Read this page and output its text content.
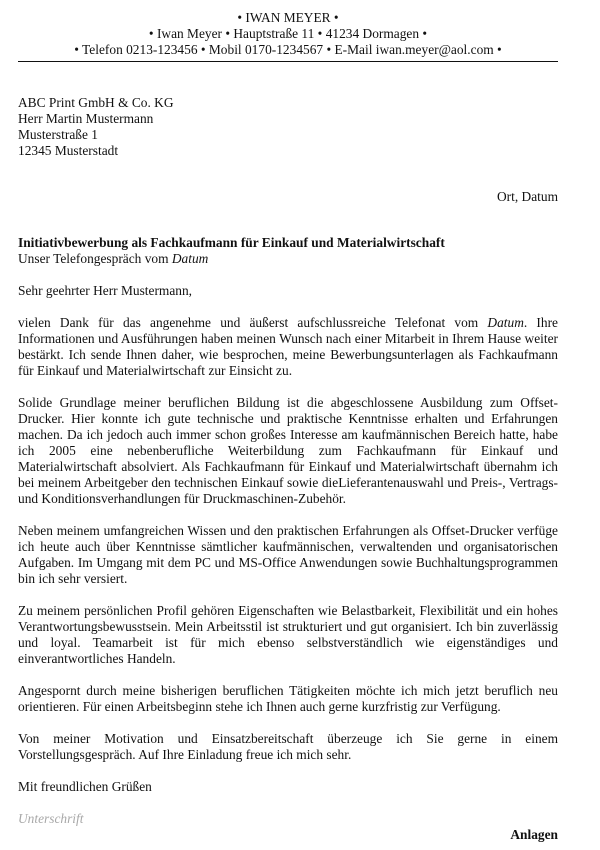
• IWAN MEYER •
• Iwan Meyer • Hauptstraße 11 • 41234 Dormagen •
• Telefon 0213-123456 • Mobil 0170-1234567 • E-Mail iwan.meyer@aol.com •
ABC Print GmbH & Co. KG
Herr Martin Mustermann
Musterstraße 1
12345 Musterstadt
Ort, Datum
Initiativbewerbung als Fachkaufmann für Einkauf und Materialwirtschaft
Unser Telefongespräch vom Datum
Sehr geehrter Herr Mustermann,

vielen Dank für das angenehme und äußerst aufschlussreiche Telefonat vom Datum. Ihre Informationen und Ausführungen haben meinen Wunsch nach einer Mitarbeit in Ihrem Hause weiter bestärkt. Ich sende Ihnen daher, wie besprochen, meine Bewerbungsunterlagen als Fachkaufmann für Einkauf und Materialwirtschaft zur Einsicht zu.

Solide Grundlage meiner beruflichen Bildung ist die abgeschlossene Ausbildung zum Offset-Drucker. Hier konnte ich gute technische und praktische Kenntnisse erhalten und Erfahrungen machen. Da ich jedoch auch immer schon großes Interesse am kaufmännischen Bereich hatte, habe ich 2005 eine nebenberufliche Weiterbildung zum Fachkaufmann für Einkauf und Materialwirtschaft absolviert. Als Fachkaufmann für Einkauf und Materialwirtschaft übernahm ich bei meinem Arbeitgeber den technischen Einkauf sowie dieLieferantenauswahl und Preis-, Vertrags- und Konditionsverhandlungen für Druckmaschinen-Zubehör.

Neben meinem umfangreichen Wissen und den praktischen Erfahrungen als Offset-Drucker verfüge ich heute auch über Kenntnisse sämtlicher kaufmännischen, verwaltenden und organisatorischen Aufgaben. Im Umgang mit dem PC und MS-Office Anwendungen sowie Buchhaltungsprogrammen bin ich sehr versiert.

Zu meinem persönlichen Profil gehören Eigenschaften wie Belastbarkeit, Flexibilität und ein hohes Verantwortungsbewusstsein. Mein Arbeitsstil ist strukturiert und gut organisiert. Ich bin zuverlässig und loyal. Teamarbeit ist für mich ebenso selbstverständlich wie eigenständiges und einverantwortliches Handeln.

Angespornt durch meine bisherigen beruflichen Tätigkeiten möchte ich mich jetzt beruflich neu orientieren. Für einen Arbeitsbeginn stehe ich Ihnen auch gerne kurzfristig zur Verfügung.

Von meiner Motivation und Einsatzbereitschaft überzeuge ich Sie gerne in einem Vorstellungsgespräch. Auf Ihre Einladung freue ich mich sehr.

Mit freundlichen Grüßen
Unterschrift
Anlagen
